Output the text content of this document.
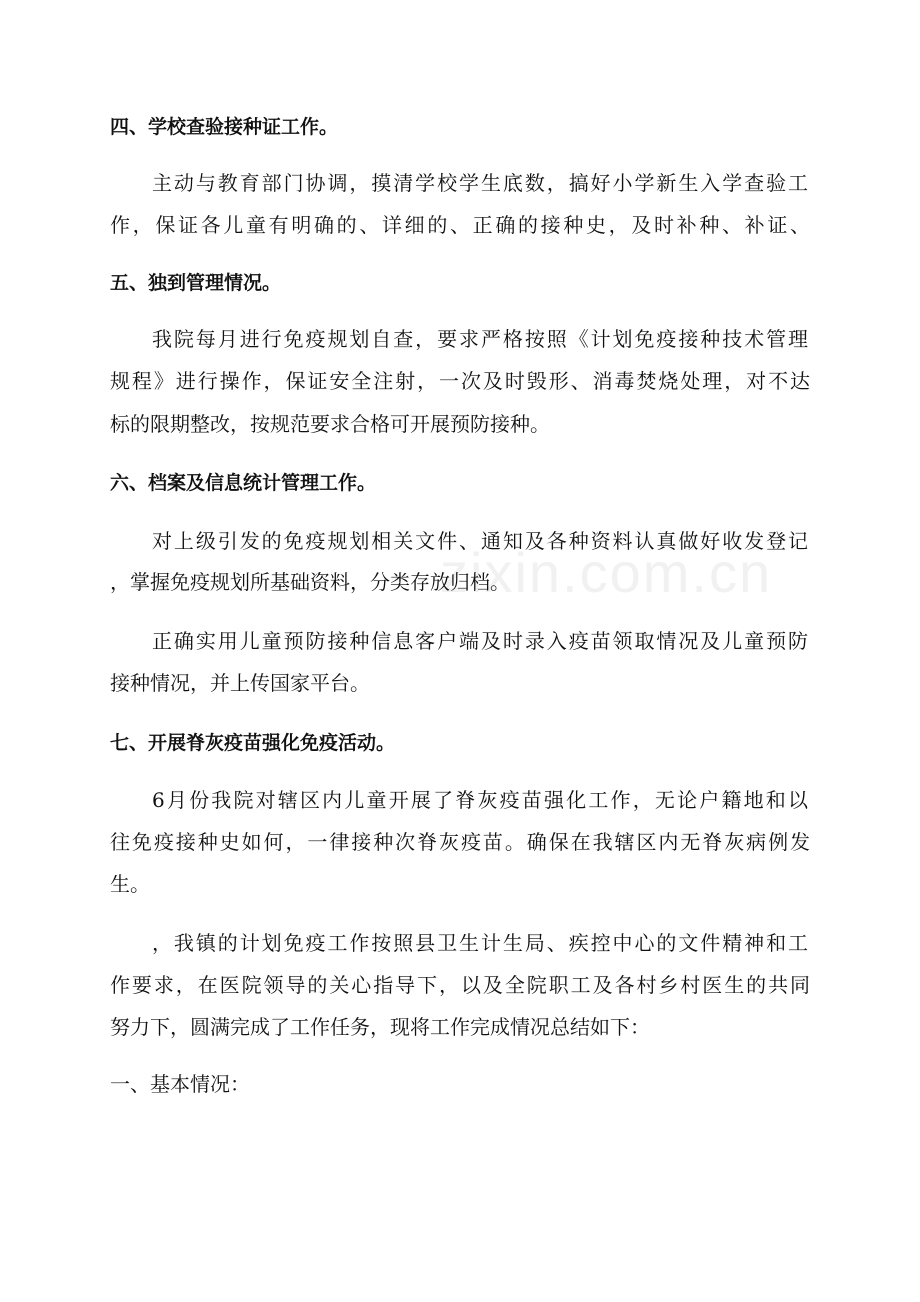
zixin.com.cn
四、学校查验接种证工作。
主动与教育部门协调，摸清学校学生底数，搞好小学新生入学查验工
作，保证各儿童有明确的、详细的、正确的接种史，及时补种、补证、
五、独到管理情况。
我院每月进行免疫规划自查，要求严格按照《计划免疫接种技术管理
规程》进行操作，保证安全注射，一次及时毁形、消毒焚烧处理，对不达
标的限期整改，按规范要求合格可开展预防接种。
六、档案及信息统计管理工作。
对上级引发的免疫规划相关文件、通知及各种资料认真做好收发登记
，掌握免疫规划所基础资料，分类存放归档。
正确实用儿童预防接种信息客户端及时录入疫苗领取情况及儿童预防
接种情况，并上传国家平台。
七、开展脊灰疫苗强化免疫活动。
6月份我院对辖区内儿童开展了脊灰疫苗强化工作，无论户籍地和以
往免疫接种史如何，一律接种次脊灰疫苗。确保在我辖区内无脊灰病例发
生。
，我镇的计划免疫工作按照县卫生计生局、疾控中心的文件精神和工
作要求，在医院领导的关心指导下，以及全院职工及各村乡村医生的共同
努力下，圆满完成了工作任务，现将工作完成情况总结如下：
一、基本情况：
